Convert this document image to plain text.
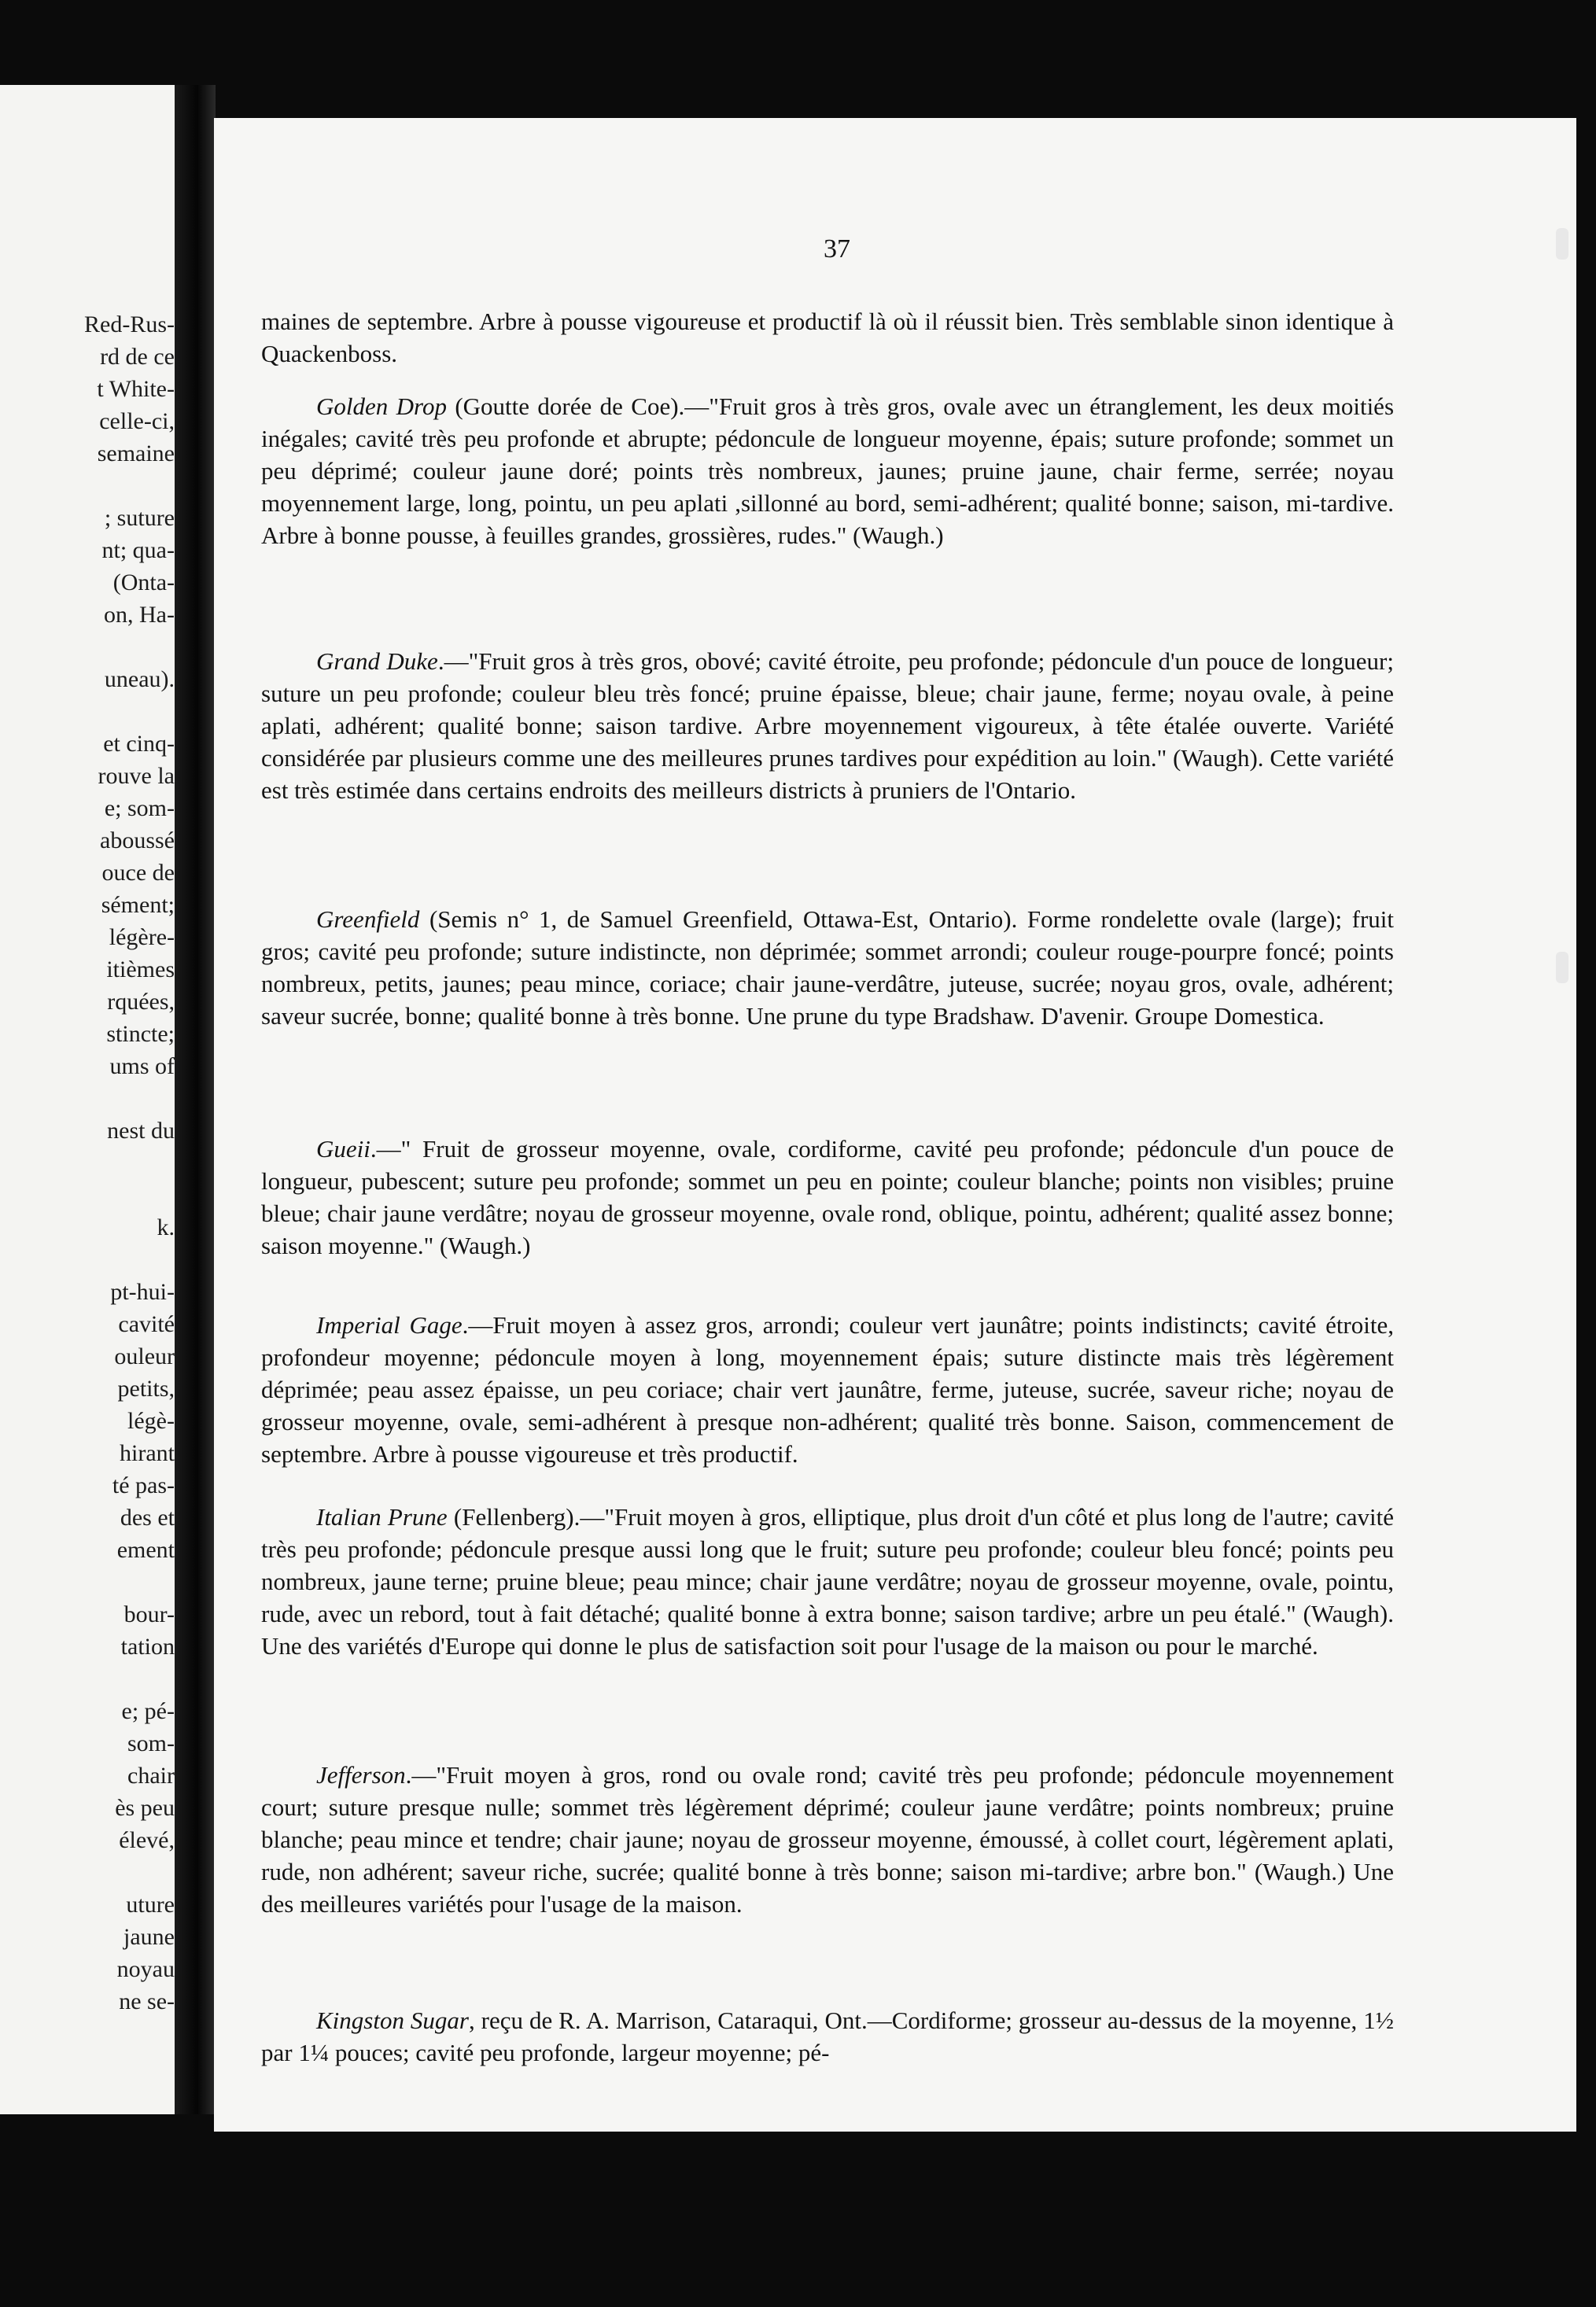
Red-Rus-
rd de ce
t White-
celle-ci,
semaine
; suture
nt; qua-
(Onta-
on, Ha-
uneau).
et cinq-
rouve la
e; som-
aboussé
ouce de
sément;
légère-
itièmes
rquées,
stincte;
ums of
nest du
k.
pt-hui-
cavité
ouleur
petits,
légè-
hirant
té pas-
des et
ement
bour-
tation
e; pé-
som-
chair
ès peu
élevé,
uture
jaune
noyau
ne se-
37
maines de septembre. Arbre à pousse vigoureuse et productif là où il réussit bien. Très semblable sinon identique à Quackenboss.
Golden Drop (Goutte dorée de Coe).—"Fruit gros à très gros, ovale avec un étranglement, les deux moitiés inégales; cavité très peu profonde et abrupte; pédoncule de longueur moyenne, épais; suture profonde; sommet un peu déprimé; couleur jaune doré; points très nombreux, jaunes; pruine jaune, chair ferme, serrée; noyau moyennement large, long, pointu, un peu aplati ,sillonné au bord, semi-adhérent; qualité bonne; saison, mi-tardive. Arbre à bonne pousse, à feuilles grandes, grossières, rudes." (Waugh.)
Grand Duke.—"Fruit gros à très gros, obové; cavité étroite, peu profonde; pédoncule d'un pouce de longueur; suture un peu profonde; couleur bleu très foncé; pruine épaisse, bleue; chair jaune, ferme; noyau ovale, à peine aplati, adhérent; qualité bonne; saison tardive. Arbre moyennement vigoureux, à tête étalée ouverte. Variété considérée par plusieurs comme une des meilleures prunes tardives pour expédition au loin." (Waugh). Cette variété est très estimée dans certains endroits des meilleurs districts à pruniers de l'Ontario.
Greenfield (Semis n° 1, de Samuel Greenfield, Ottawa-Est, Ontario). Forme rondelette ovale (large); fruit gros; cavité peu profonde; suture indistincte, non déprimée; sommet arrondi; couleur rouge-pourpre foncé; points nombreux, petits, jaunes; peau mince, coriace; chair jaune-verdâtre, juteuse, sucrée; noyau gros, ovale, adhérent; saveur sucrée, bonne; qualité bonne à très bonne. Une prune du type Bradshaw. D'avenir. Groupe Domestica.
Gueii.—" Fruit de grosseur moyenne, ovale, cordiforme, cavité peu profonde; pédoncule d'un pouce de longueur, pubescent; suture peu profonde; sommet un peu en pointe; couleur blanche; points non visibles; pruine bleue; chair jaune verdâtre; noyau de grosseur moyenne, ovale rond, oblique, pointu, adhérent; qualité assez bonne; saison moyenne." (Waugh.)
Imperial Gage.—Fruit moyen à assez gros, arrondi; couleur vert jaunâtre; points indistincts; cavité étroite, profondeur moyenne; pédoncule moyen à long, moyennement épais; suture distincte mais très légèrement déprimée; peau assez épaisse, un peu coriace; chair vert jaunâtre, ferme, juteuse, sucrée, saveur riche; noyau de grosseur moyenne, ovale, semi-adhérent à presque non-adhérent; qualité très bonne. Saison, commencement de septembre. Arbre à pousse vigoureuse et très productif.
Italian Prune (Fellenberg).—"Fruit moyen à gros, elliptique, plus droit d'un côté et plus long de l'autre; cavité très peu profonde; pédoncule presque aussi long que le fruit; suture peu profonde; couleur bleu foncé; points peu nombreux, jaune terne; pruine bleue; peau mince; chair jaune verdâtre; noyau de grosseur moyenne, ovale, pointu, rude, avec un rebord, tout à fait détaché; qualité bonne à extra bonne; saison tardive; arbre un peu étalé." (Waugh). Une des variétés d'Europe qui donne le plus de satisfaction soit pour l'usage de la maison ou pour le marché.
Jefferson.—"Fruit moyen à gros, rond ou ovale rond; cavité très peu profonde; pédoncule moyennement court; suture presque nulle; sommet très légèrement déprimé; couleur jaune verdâtre; points nombreux; pruine blanche; peau mince et tendre; chair jaune; noyau de grosseur moyenne, émoussé, à collet court, légèrement aplati, rude, non adhérent; saveur riche, sucrée; qualité bonne à très bonne; saison mi-tardive; arbre bon." (Waugh.) Une des meilleures variétés pour l'usage de la maison.
Kingston Sugar, reçu de R. A. Marrison, Cataraqui, Ont.—Cordiforme; grosseur au-dessus de la moyenne, 1½ par 1¼ pouces; cavité peu profonde, largeur moyenne; pé-
